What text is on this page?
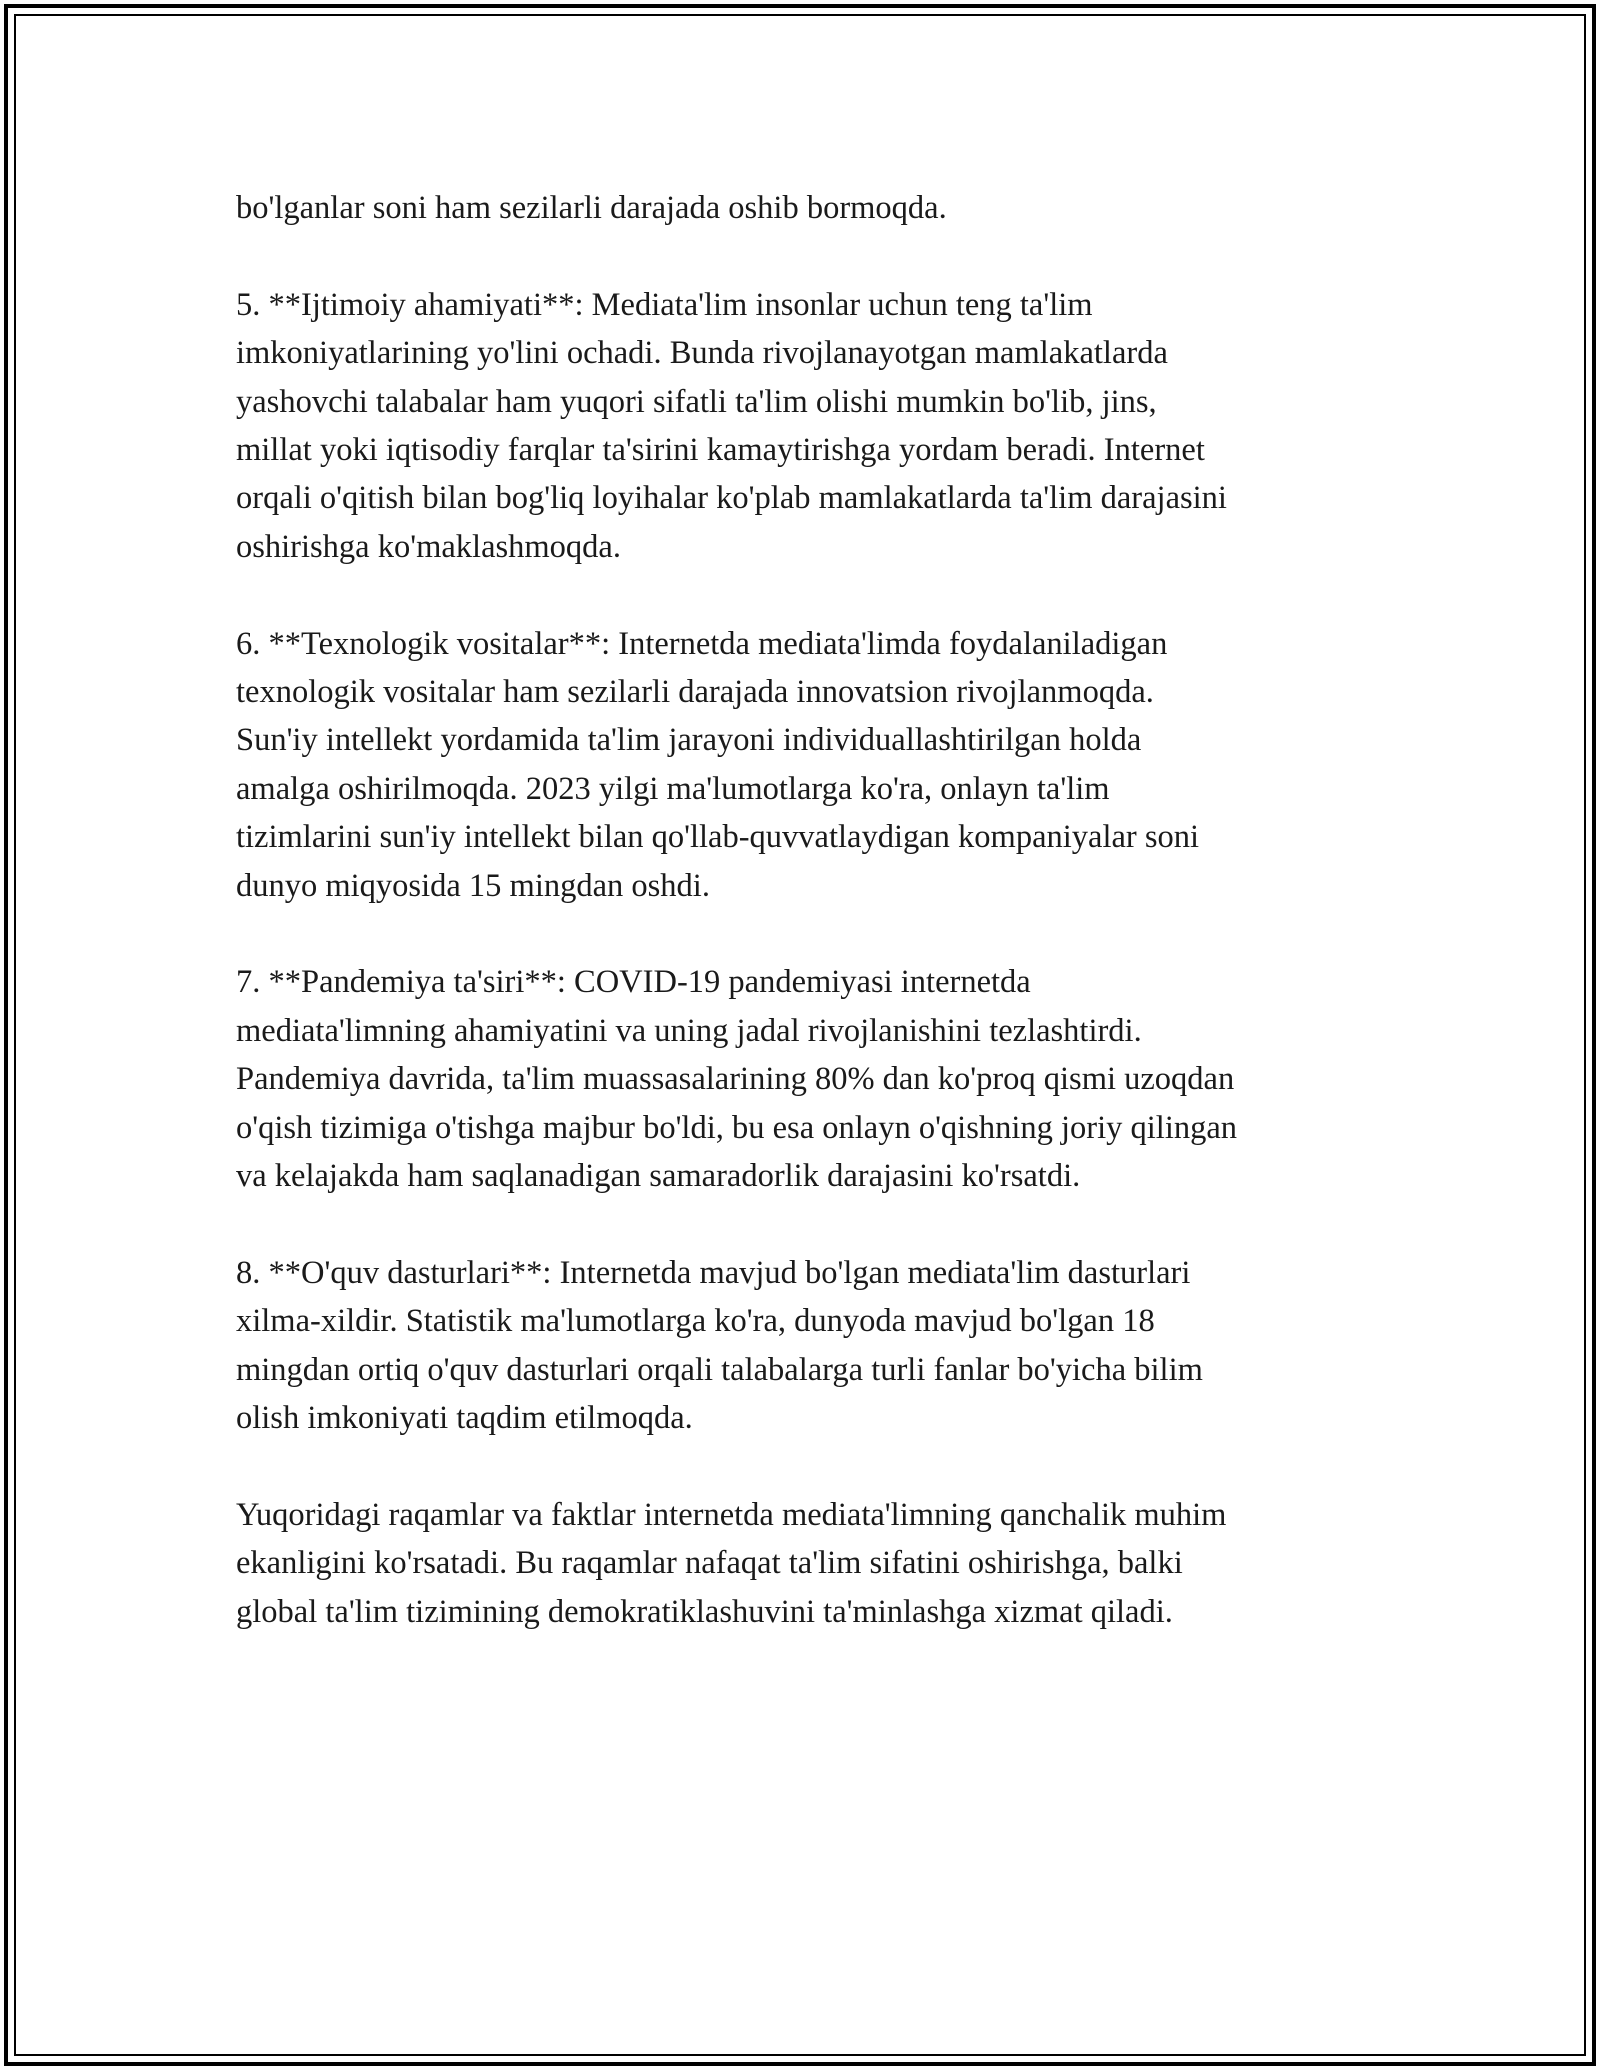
bo'lganlar soni ham sezilarli darajada oshib bormoqda.

5. **Ijtimoiy ahamiyati**: Mediata'lim insonlar uchun teng ta'lim
imkoniyatlarining yo'lini ochadi. Bunda rivojlanayotgan mamlakatlarda
yashovchi talabalar ham yuqori sifatli ta'lim olishi mumkin bo'lib, jins,
millat yoki iqtisodiy farqlar ta'sirini kamaytirishga yordam beradi. Internet
orqali o'qitish bilan bog'liq loyihalar ko'plab mamlakatlarda ta'lim darajasini
oshirishga ko'maklashmoqda.

6. **Texnologik vositalar**: Internetda mediata'limda foydalaniladigan
texnologik vositalar ham sezilarli darajada innovatsion rivojlanmoqda.
Sun'iy intellekt yordamida ta'lim jarayoni individuallashtirilgan holda
amalga oshirilmoqda. 2023 yilgi ma'lumotlarga ko'ra, onlayn ta'lim
tizimlarini sun'iy intellekt bilan qo'llab-quvvatlaydigan kompaniyalar soni
dunyo miqyosida 15 mingdan oshdi.

7. **Pandemiya ta'siri**: COVID-19 pandemiyasi internetda
mediata'limning ahamiyatini va uning jadal rivojlanishini tezlashtirdi.
Pandemiya davrida, ta'lim muassasalarining 80% dan ko'proq qismi uzoqdan
o'qish tizimiga o'tishga majbur bo'ldi, bu esa onlayn o'qishning joriy qilingan
va kelajakda ham saqlanadigan samaradorlik darajasini ko'rsatdi.

8. **O'quv dasturlari**: Internetda mavjud bo'lgan mediata'lim dasturlari
xilma-xildir. Statistik ma'lumotlarga ko'ra, dunyoda mavjud bo'lgan 18
mingdan ortiq o'quv dasturlari orqali talabalarga turli fanlar bo'yicha bilim
olish imkoniyati taqdim etilmoqda.

Yuqoridagi raqamlar va faktlar internetda mediata'limning qanchalik muhim
ekanligini ko'rsatadi. Bu raqamlar nafaqat ta'lim sifatini oshirishga, balki
global ta'lim tizimining demokratiklashuvini ta'minlashga xizmat qiladi.
